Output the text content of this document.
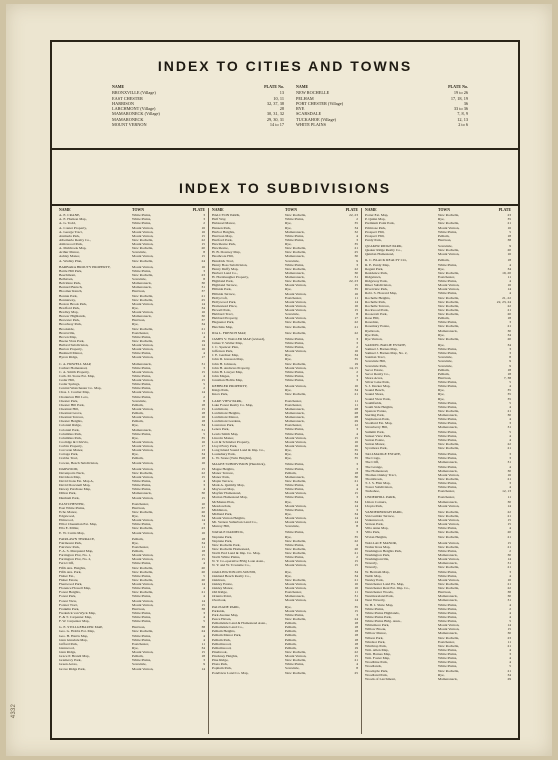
INDEX TO CITIES AND TOWNS
NAME	PLATE No.
BRONXVILLE (Village)	13
EAST CHESTER	10, 11
HARRISON	32, 37, 38
LARCHMONT (Village)	28
MAMARONECK (Village)	30, 31, 32
MAMARONECK	29, 30, 31
MOUNT VERNON	14 to 17
NAME	PLATE No.
NEW ROCHELLE	19 to 26
PELHAM	17, 18, 19
PORT CHESTER (Village)	36
RYE	33 to 36
SCARSDALE	7, 8, 9
TUCKAHOE (Village)	12, 13
WHITE PLAINS	2 to 6
INDEX TO SUBDIVISIONS
NAME	TOWN	PLATE
A. E. CRANE,	White Plains,	3
A. E. Hudson Map,	White Plains,	3
A. G. Todd,	White Plains,	2
A. Couter Property,	Mount Vernon,	16
A. George Tract,	Mount Vernon,	16
Alameda Park,	Mount Vernon,	15
Albemarle Realty Co.,	New Rochelle,	22
Almswood Park,	Mount Vernon,	15
A. Mahbrook Map,	New Rochelle,	20
Arthur Manor,	Scarsdale,	8
Ashley Manor,	Mount Vernon,	15
A. Wadley Plan,	New Rochelle,	24

BARBARA BROUTY PROPERTY,	Mount Vernon,	16
Battle Hill Park,	White Plains,	3
Beechmont,	New Rochelle,	23
Belhaven,	Scarsdale,	8
Belvidere Park,	Mamaroneck,	30
Bernard Baruch,	Mamaroneck,	31
Bloomer Ranch,	Harrison,	37
Bonnie Park,	New Rochelle,	21
Bonnieway,	New Rochelle,	25
Boston Brook Park,	Mount Vernon,	14
Bradford Park,	Rye,	34
Bradley Map,	Mount Vernon,	16
Brewer Highlands,	Mamaroneck,	30
Brewster Park,	Harrison,	37
Broadway Park,	Rye,	34
Brookside,	New Rochelle,	21
Bronxville,	Eastchester,	11
Brown Map,	White Plains,	4
Buena Vista Park,	New Rochelle,	19
Bullard Subdivision,	Mount Vernon,	14
Burton Property,	Mount Vernon,	16
Bushnell Manor,	White Plains,	4
Byron Ridge,	Mount Vernon,	17

C. A. HOWELL MAP,	Mamaroneck,	31
Carhart Homestead,	White Plains,	3
C. A. Smith Property,	Mount Vernon,	15
Cath. M. Stone Est. Map,	White Plains,	4
Cedar Hill,	Mount Vernon,	15
Cedar Springs,	White Plains,	5
Central Westchester Co. Map,	White Plains,	2
Chas. J. Coulter Map,	Mount Vernon,	14
Chatterton Hill Lots,	White Plains,	2
Chester Park,	Scarsdale,	8
Chester Hill Park,	Pelham,	18
Chestnut Hill,	Mount Vernon,	15
Chestnut Grove,	Pelham,	18
Chestnut Terrace,	Mount Vernon,	16
Chester Heights,	Pelham,	18
Colonial Ridge,	Rye,	34
Colonial Park,	Mamaroneck,	31
Columbus Park,	White Plains,	5
Columbus Park,	Rye,	35
Coolidge & Chivvis,	Mount Vernon,	16
Corbin Property,	Mount Vernon,	17
Corcoran Manor,	Mount Vernon,	13
Cottage Park,	Rye,	34
Crabbe Tract,	Pelham,	18
Cowan, Beach Subdivision,	Mount Vernon,	16

DARWOOD,	Mount Vernon,	15
Davenports Neck,	New Rochelle,	22
Davidson Map,	Mount Vernon,	15
David Irons Est. Map A,	White Plains,	4
David Dowsnell Map,	White Plains,	3
Dewey Purchase Map,	White Plains,	4
Dillon Park,	Mamaroneck,	30
Dunham Park,	Mount Vernon,	15

EASTCHESTER,	Eastchester,	10
East White Plains,	Harrison,	37
Echo Manor,	New Rochelle,	20
Edgewood,	Rye,	34
Elmwood,	Mount Vernon,	14
Elliot Cheesman Est. Map,	White Plains,	3
Ella E. Miller,	New Rochelle,	23
E. W. Curtis Map,	Mount Vernon,	16

FAIRLAWN TERRACE,	Pelham,	18
Fairmount Park,	Rye,	34
Fairview Park,	Eastchester,	11
F. A. S. Marquand Map,	Pelham,	18
Farrington Plot, No. 1,	Mount Vernon,	15
Farrington Plot, No. 2,	Mount Vernon,	15
Fern Cliff,	White Plains,	4
Fifth Ave. Heights,	New Rochelle,	20
Fifth Ave. Park,	New Rochelle,	20
Fisher Est.,	White Plains,	5
Fisher Estate,	New Rochelle,	20
Fleetwood Park,	Mount Vernon,	14
Florence Howell Map,	White Plains,	4
Forest Heights,	New Rochelle,	21
Forest Park,	White Plains,	4
Forest View,	Mount Vernon,	14
Forster Tract,	Mount Vernon,	15
Franklin Park,	Harrison,	38
Frederick van Wyck Map,	White Plains,	3
F. & T. Carpenter Map,	White Plains,	4
F. W. Carpenter Map,	White Plains,	5

G. E. STILLGEBAUER MAP,	Harrison,	38
Geo. G. Hobbs Est. Map,	New Rochelle,	24
Geo. H. Harris Map,	White Plains,	4
Glen Ginsdale Map,	White Plains,	4
Gifford Park,	Eastchester,	11
Glenwood,	Rye,	34
Glen Ridge,	Mount Vernon,	15
Grace P. Brandt Map,	Pelham,	18
Gramercy Park,	White Plains,	3
Green Acres,	Scarsdale,	9
Grove Ridge Park,	Mount Vernon,	14
NAME	TOWN	PLATE
HALCYON PARK,	New Rochelle,	22, 23
Half Way,	White Plains,	2
Halstead Manor,	Rye,	35
Hansen Park,	Rye,	34
Harbor Heights,	Mamaroneck,	32
Harrison Map,	White Plains,	4
Hartford Park,	White Plains,	3
Hawthorne Park,	Rye,	35
Hawthorne,	New Rochelle,	21
H. B. Downey Map,	New Rochelle,	25
Heathcote Hill,	Mamaroneck,	30
Hendrick Tract,	Scarsdale,	9
Henry Boss Subdivision,	White Plains,	3
Henry Duffy Map,	New Rochelle,	22
Herbert Land Co.,	Mamaroneck,	30
H. Hornbaugher Property,	Mamaroneck,	31
Highland Park,	New Rochelle,	22, 23
Highland Terrace,	Mount Vernon,	15
Hillside Park,	Rye,	35
Hillside Terrace,	Mount Vernon,	16
Hollycroft,	Eastchester,	11
Hollywood Park,	Mount Vernon,	14
Homestead Place,	Mount Vernon,	16
Howell Park,	Mount Vernon,	15
Hubbard Tract,	Scarsdale,	8
Hubbard Property,	Mount Vernon,	17
Huguenot Park,	New Rochelle,	22
Hutchins Map,	New Rochelle,	21

IDA L. FRENCH MAP,	New Rochelle,	22

JAMES V. WALLER MAP (revised),	White Plains,	3
James V. Waller Map,	White Plains,	3
J. C. Spencer Plan,	White Plains,	2
Jefferson Park,	Mount Vernon,	16
J. E. Gardner Map,	Rye,	34
John D. Gleason Map,	Rye,	35
John H. Johnson,	New Rochelle,	19
John H. Andrews Property,	Mount Vernon,	14, 15
John H. Lawyer Map,	White Plains,	2
John Magee,	White Plains,	3
Jonathan Hobbs Map,	White Plains,	3

KEBBLER PROPERTY,	Mount Vernon,	16
Kings Park,	Rye,	34
Knox Park,	New Rochelle,	21

LAKE VIEW PARK,	Eastchester,	11
Lake Forest Realty Co. Map,	Eastchester,	11
Larchmont,	Mamaroneck,	28
Larchmont Heights,	Mamaroneck,	28
Larchmont Manor,	Mamaroneck,	28
Larchmont Gardens,	Mamaroneck,	29
Lawrence Park,	Eastchester,	12
Lenox Park,	White Plains,	3
Lewis Smith Map,	White Plains,	4
Lincoln Manor,	Mount Vernon,	15
Lott & Schrieber Property,	Mount Vernon,	16
Lloyd Ferry Park,	Mount Vernon,	16
Long Island Sound Land & Imp. Co.,	Rye,	35
Lounsbury Park,	Rye,	34
L. W. Stone (Twin Heights),	Rye,	35

MAGEE SUBDIVISION (Hendrick),	White Plains,	3
Magee Heights,	White Plains,	3
Manor Terrace,	Pelham,	18
Manor Park,	Mamaroneck,	30
Maple Terrace,	New Rochelle,	21
Mark A. Quimby Map,	White Plains,	4
Maywood Map,	White Plains,	4
Mayfair Homestead,	Mount Vernon,	15
Marion Homestead Map,	White Plains,	3
McManus Plan,	Rye,	34
Meadowdale,	Mount Vernon,	14
Middleton,	White Plains,	3
Midland Park,	Rye,	34
Mount Vernon Heights,	Mount Vernon,	14
Mt. Vernon Suburban Land Co.,	Mount Vernon,	14
Murray Hill,	Scarsdale,	8

NATALE DAMIECK,	White Plains,	3
Neptune Park,	Rye,	35
Neptune Park,	New Rochelle,	22
New Rochelle Park,	White Plains,	4
New Rochelle Homestead,	New Rochelle,	20
North End Land & Imp. Co. Map,	New Rochelle,	21
North White Plains,	White Plains,	2
N. Y. Co-operative B'ldg Loan Assn.,	Mount Vernon,	15
N. Y. and W. Townsite Co.,	Mount Vernon,	15

OAKLINGTON-ON-SOUND,	Rye,	34
Oakland Beach Realty Co.,	Rye,	34
Oaklawn,	New Rochelle,	21
Oakley Estate,	Mount Vernon,	16
Oakley Manor,	Mount Vernon,	16
Old Ridge,	Eastchester,	11
Orienta Point,	Mamaroneck,	31
Overlook,	Mount Vernon,	14

PALISADE PARK,	Rye,	35
Parkside,	Mount Vernon,	15
Park Avenue Map,	White Plains,	3
Peace Haven,	New Rochelle,	24
Pelhamdale Land & Homestead Assn.,	Pelham,	18
Pelhamdale Land Co.,	Pelham,	18
Pelham Heights,	Pelham,	18
Pelham Manor Park,	Pelham,	18
Pelham Park,	Pelham,	18
Pelhamwood,	Pelham,	18
Pelhamwood,	Pelham,	19
Pinebrook,	New Rochelle,	22
Pinckney Heights,	Mount Vernon,	15
Pine Ridge,	New Rochelle,	21
Plaza Park,	White Plains,	4
Popham Park,	Scarsdale,	8
Pondview Land Co. Map,	New Rochelle,	25
NAME	TOWN	PLATE
Porter Est. Map,	New Rochelle,	23
P. Quinn Map,	Rye,	35
Premium Point Park,	New Rochelle,	21
Primrose Park,	Mount Vernon,	16
Prospect Hill,	White Plains,	5
Prospect Hill,	Pelham,	18
Purdy Park,	Harrison,	38

QUAKER RIDGE PARK,	Scarsdale,	9
Quaker Ridge Realty Co.,	New Rochelle,	20
Quinlan Homestead,	Mount Vernon,	16

R. C. BLACK REALTY CO.,	Pelham,	18
R. E. Purdy Map,	White Plains,	4
Regent Park,	Rye,	34
Residence Park,	New Rochelle,	19, 20
Ridgelawn,	Eastchester,	11
Ridgeway Park,	White Plains,	4
Riker Subdivision,	Mount Vernon,	16
Riverview Park,	Mount Vernon,	14
Robt. S. Howard Map,	White Plains,	4
Rochelle Heights,	New Rochelle,	21, 22
Rochelle Park,	New Rochelle,	22, 23, 24
Rochelle Terrace,	New Rochelle,	22
Rockwood Park,	New Rochelle,	21
Roosevelt Park,	New Rochelle,	20
Rose Hill,	Pelham,	18
Rosedale,	White Plains,	3
Rosemary Estate,	New Rochelle,	21
Ryebrook,	Mamaroneck,	30
Rye Park,	Rye,	34
Rye Vernon,	New Rochelle,	20

SAMUEL BAILIE ESTATE,	Rye,	34
Samuel J. Barnes Map,	White Plains,	3
Samuel J. Barnes Map, No. 2,	White Plains,	3
Saxman Tract,	Scarsdale,	8
Scarsdale Hill,	Scarsdale,	9
Scarsdale Park,	Scarsdale,	9
Secor Estate,	Pelham,	18
Secor Realty Co.,	Pelham,	18
Shore Acres,	Harrison,	7, 38
Silver Lake Park,	White Plains,	5
S. J. Decker Map,	White Plains,	4
Sound Beach,	Rye,	35
Sound Shore,	Rye,	35
Sound View Park,	Rye,	35
Southfields,	White Plains,	5
South Side Heights,	White Plains,	4
Spencer Estate,	New Rochelle,	21
Sterling Park,	Mamaroneck,	30
Stephenson Park,	White Plains,	4
Stoddard Est. Map,	White Plains,	3
Strawberry Hill,	Mamaroneck,	31
Summit Park,	White Plains,	5
Sunset View Park,	White Plains,	4
Sutton Estate,	White Plains,	4
Sutton Manor,	New Rochelle,	22
Sycamore Park,	New Rochelle,	21

TALLMADGE ESTATE,	White Plains,	3
The Crags,	White Plains,	3
The Cliff,	Mamaroneck,	31
The Grange,	White Plains,	4
The Homestead,	Mamaroneck,	30
Thomas Oakley Tract,	Mount Vernon,	16
Thornbrook,	New Rochelle,	21
T. J. S. Flint Map,	White Plains,	3
Tower Subdivision,	White Plains,	4
Tuckahoe,	Eastchester,	12, 13

UNDERHILL PARK,	Eastchester,	11
Union Corners,	Mamaroneck,	30
Utopia Park,	Mount Vernon,	14

VANDERBURGH PARK,	New Rochelle,	22
Van Guilder Terrace,	New Rochelle,	21
Vantenwood,	Mount Vernon,	15
Vernon Park,	Mount Vernon,	15
Villa Anne Map,	White Plains,	4
Villa Park,	New Rochelle,	20
Vivian Heights,	New Rochelle,	21

WALLACE MANOR,	Mount Vernon,	15
Walter Ross Map,	New Rochelle,	21
Washington Heights Park,	White Plains,	2
Washington Park,	Mamaroneck,	30
Washingtonville,	Mount Vernon,	14
Waverly,	Mamaroneck,	31
Waverly,	New Rochelle,	21
W. Bertram Map,	White Plains,	3
Webb Map,	White Plains,	4
Wesley Park,	Mount Vernon,	16
Westchester Land Ex. Map,	New Rochelle,	21
Westchester Real Est. Imp. Co.,	New Rochelle,	22
Westchester Woods,	Harrison,	38
Westmoreland Park,	Mamaroneck,	30
West Waverly,	Mamaroneck,	31
W. H. I. Shaw Map,	White Plains,	4
White Plains,	White Plains,	2
White Plains Highlands,	White Plains,	4
White Plains Park,	White Plains,	4
White Plains Bldg. Assn.,	White Plains,	5
Whitemore Park,	Mount Vernon,	14
Willow Brook,	Mount Vernon,	15
Willow Manor,	Mamaroneck,	30
Wilson Park,	New Rochelle,	23
Windsor Park,	Eastchester,	11
Winthrop Park,	New Rochelle,	21
Wm. Allen Map,	White Plains,	4
Wm. Barnes Map,	White Plains,	3
Wm. Foster Map,	White Plains,	4
Woodbine Park,	White Plains,	4
Woodlands,	White Plains,	5
Woodsyde Park,	New Rochelle,	21
Woodland Park,	Rye,	34
Woods of Larchmont,	Mamaroneck,	29
4332
